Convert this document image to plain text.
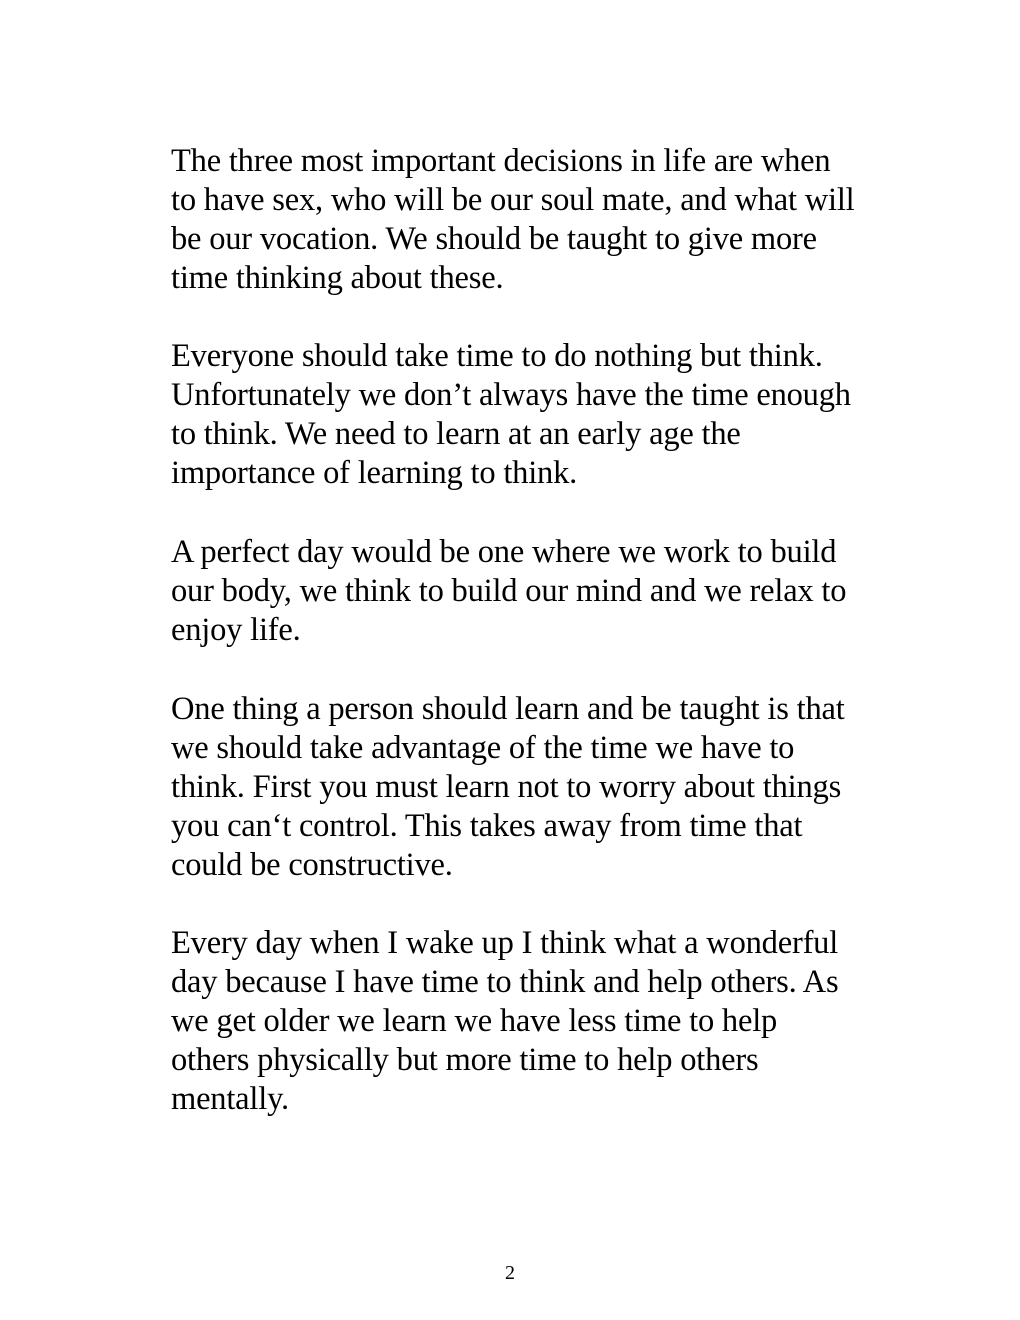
The three most important decisions in life are when
to have sex, who will be our soul mate, and what will
be our vocation. We should be taught to give more
time thinking about these.

Everyone should take time to do nothing but think.
Unfortunately we don’t always have the time enough
to think. We need to learn at an early age the
importance of learning to think.

A perfect day would be one where we work to build
our body, we think to build our mind and we relax to
enjoy life.

One thing a person should learn and be taught is that
we should take advantage of the time we have to
think. First you must learn not to worry about things
you can‘t control. This takes away from time that
could be constructive.

Every day when I wake up I think what a wonderful
day because I have time to think and help others. As
we get older we learn we have less time to help
others physically but more time to help others
mentally.

2
